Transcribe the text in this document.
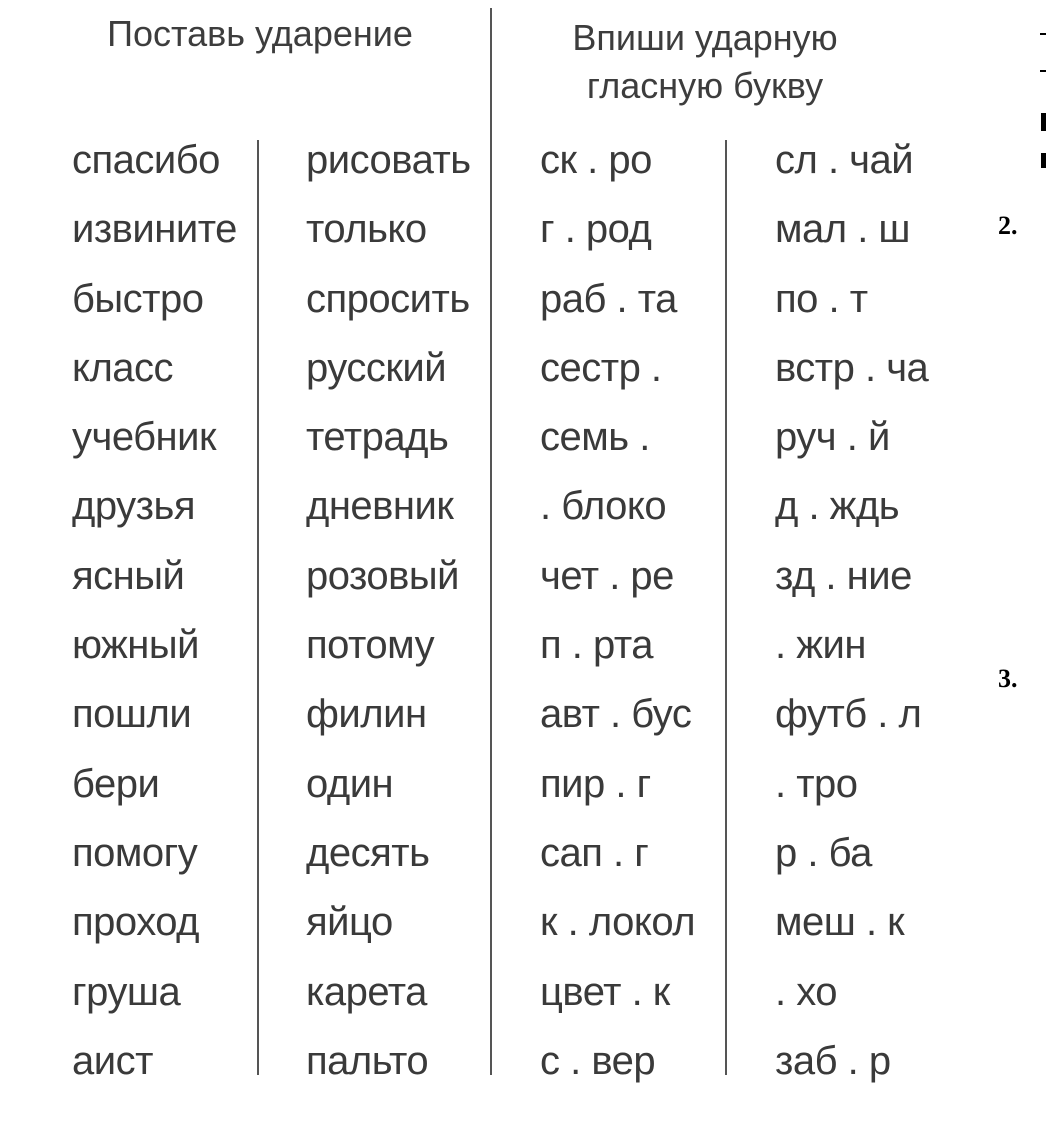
Поставь ударение	Впиши ударную
гласную букву
спасибо
извините
быстро
класс
учебник
друзья
ясный
южный
пошли
бери
помогу
проход
груша
аист
рисовать
только
спросить
русский
тетрадь
дневник
розовый
потому
филин
один
десять
яйцо
карета
пальто
ск . ро
г . род
раб . та
сестр .
семь .
. блоко
чет . ре
п . рта
авт . бус
пир . г
сап . г
к . локол
цвет . к
с . вер
сл . чай
мал . ш
по . т
встр . ча
руч . й
д . ждь
зд . ние
. жин
футб . л
. тро
р . ба
меш . к
. хо
заб . р
2.
3.
